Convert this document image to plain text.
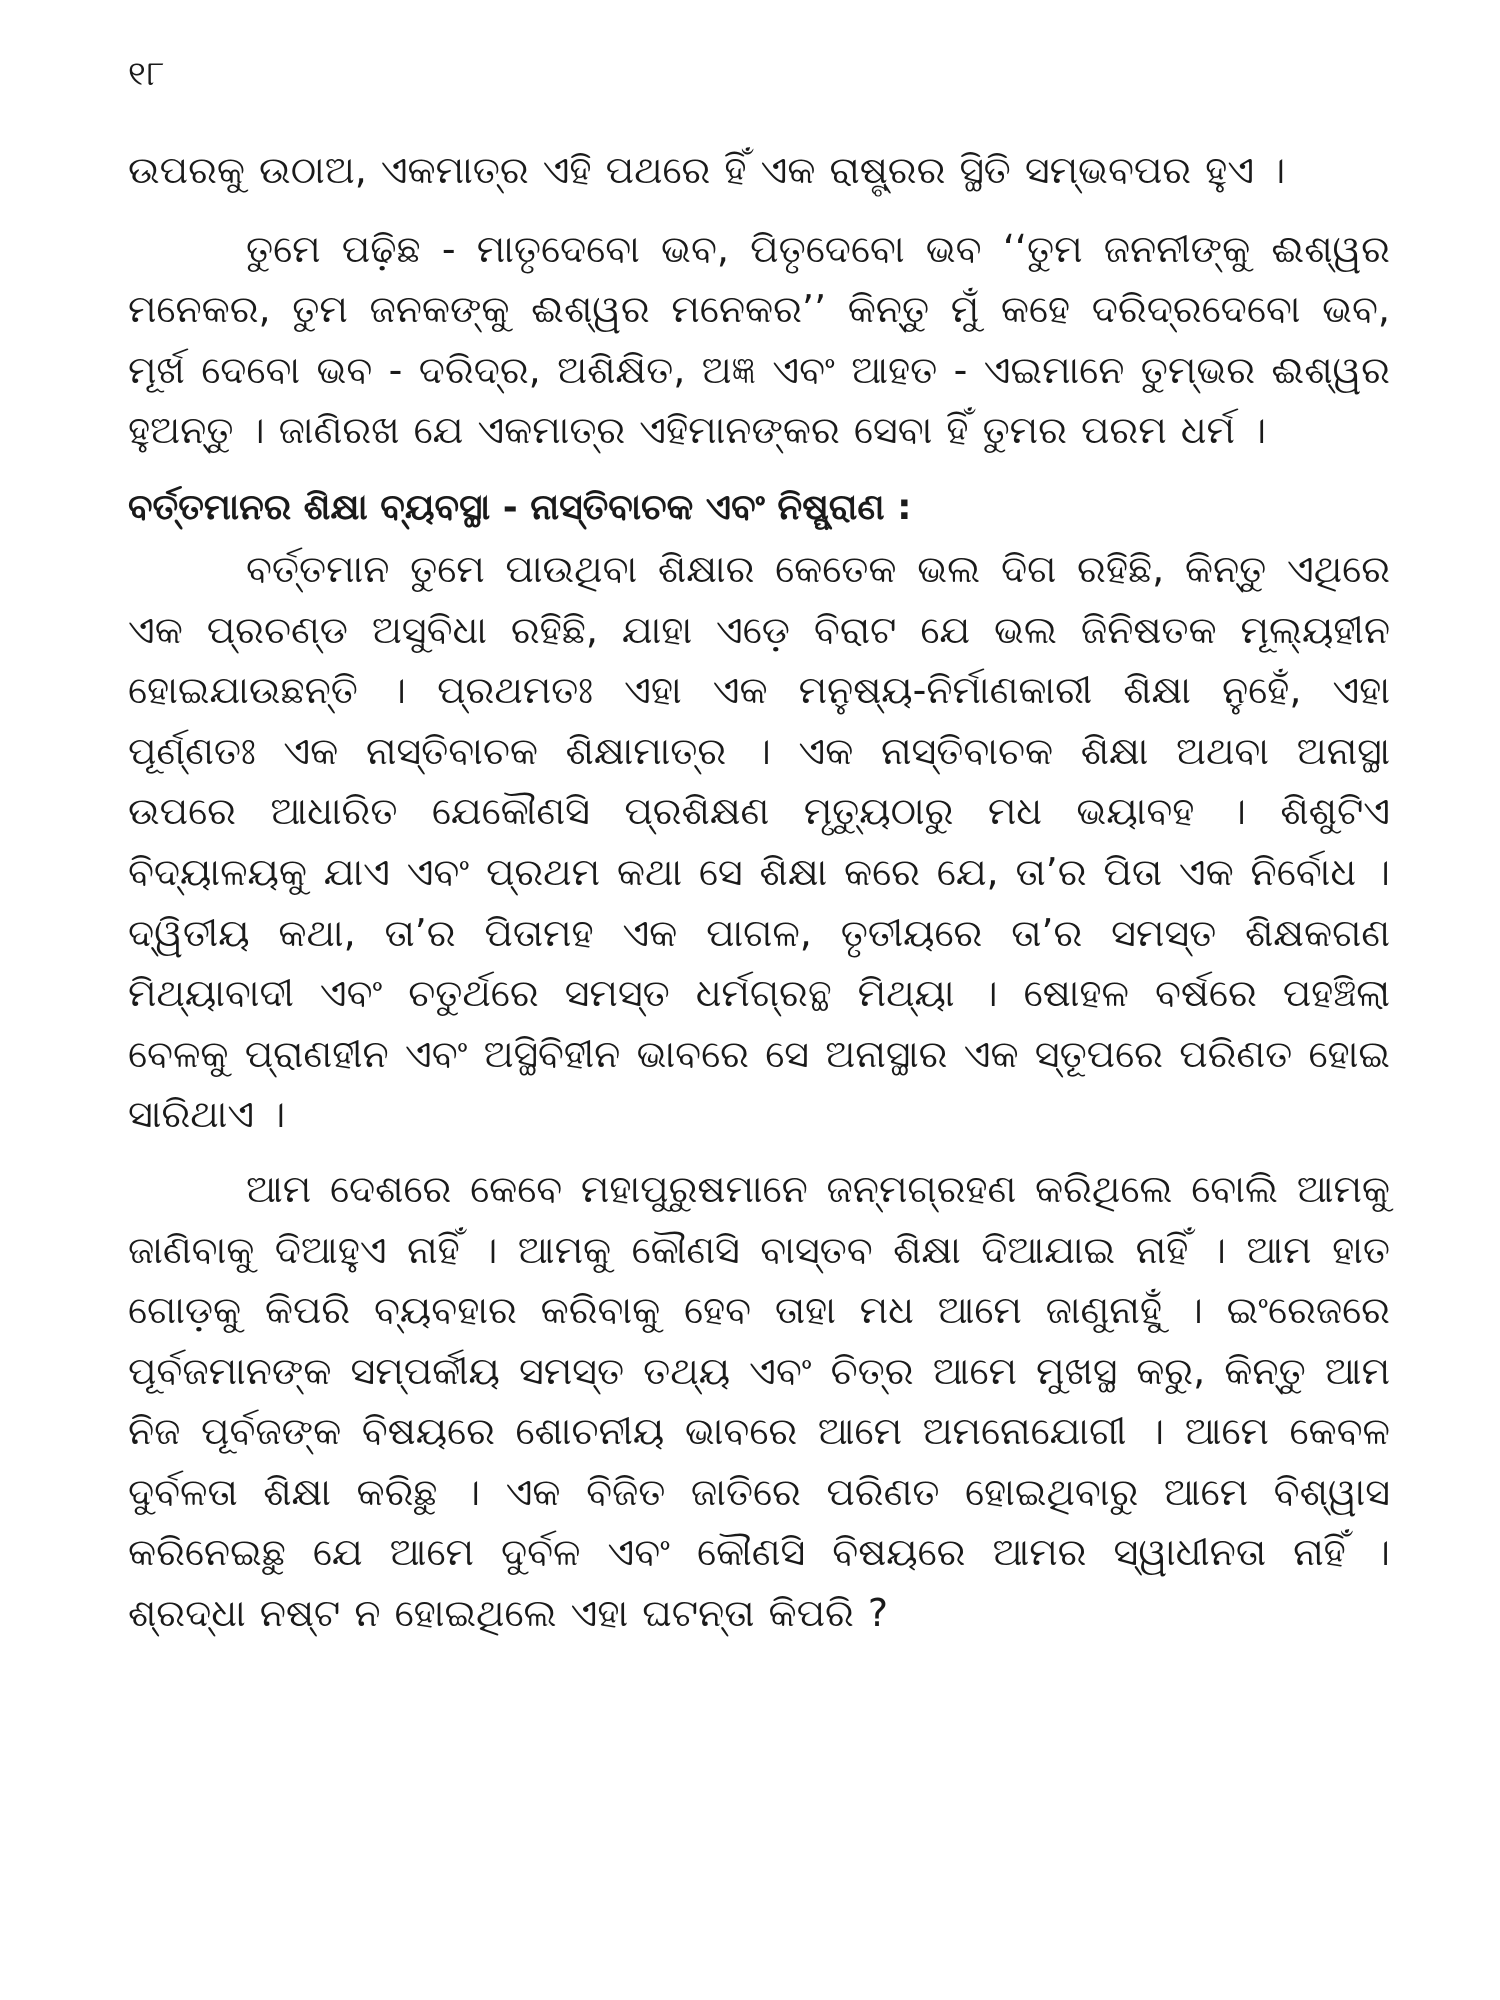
୧୮

ଉପରକୁ ଉଠାଅ, ଏକମାତ୍ର ଏହି ପଥରେ ହିଁ ଏକ ରାଷ୍ଟ୍ରର ସ୍ଥିତି ସମ୍ଭବପର ହୁଏ ।

ତୁମେ ପଢ଼ିଛ - ମାତୃଦେବୋ ଭବ, ପିତୃଦେବୋ ଭବ ‘‘ତୁମ ଜନନୀଙ୍କୁ ଈଶ୍ୱର ମନେକର, ତୁମ ଜନକଙ୍କୁ ଈଶ୍ୱର ମନେକର’’ କିନ୍ତୁ ମୁଁ କହେ ଦରିଦ୍ରଦେବୋ ଭବ, ମୂର୍ଖ ଦେବୋ ଭବ - ଦରିଦ୍ର, ଅଶିକ୍ଷିତ, ଅଜ୍ଞ ଏବଂ ଆହତ - ଏଇମାନେ ତୁମ୍ଭର ଈଶ୍ୱର ହୁଅନ୍ତୁ । ଜାଣିରଖ ଯେ ଏକମାତ୍ର ଏହିମାନଙ୍କର ସେବା ହିଁ ତୁମର ପରମ ଧର୍ମ ।

ବର୍ତ୍ତମାନର ଶିକ୍ଷା ବ୍ୟବସ୍ଥା - ନାସ୍ତିବାଚକ ଏବଂ ନିଷ୍ପ୍ରାଣ :

ବର୍ତ୍ତମାନ ତୁମେ ପାଉଥିବା ଶିକ୍ଷାର କେତେକ ଭଲ ଦିଗ ରହିଛି, କିନ୍ତୁ ଏଥିରେ ଏକ ପ୍ରଚଣ୍ଡ ଅସୁବିଧା ରହିଛି, ଯାହା ଏଡ଼େ ବିରାଟ ଯେ ଭଲ ଜିନିଷତକ ମୂଲ୍ୟହୀନ ହୋଇଯାଉଛନ୍ତି । ପ୍ରଥମତଃ ଏହା ଏକ ମନୁଷ୍ୟ-ନିର୍ମାଣକାରୀ ଶିକ୍ଷା ନୁହେଁ, ଏହା ପୂର୍ଣ୍ଣତଃ ଏକ ନାସ୍ତିବାଚକ ଶିକ୍ଷାମାତ୍ର । ଏକ ନାସ୍ତିବାଚକ ଶିକ୍ଷା ଅଥବା ଅନାସ୍ଥା ଉପରେ ଆଧାରିତ ଯେକୌଣସି ପ୍ରଶିକ୍ଷଣ ମୃତ୍ୟୁଠାରୁ ମଧ ଭୟାବହ । ଶିଶୁଟିଏ ବିଦ୍ୟାଳୟକୁ ଯାଏ ଏବଂ ପ୍ରଥମ କଥା ସେ ଶିକ୍ଷା କରେ ଯେ, ତା’ର ପିତା ଏକ ନିର୍ବୋଧ । ଦ୍ୱିତୀୟ କଥା, ତା’ର ପିତାମହ ଏକ ପାଗଳ, ତୃତୀୟରେ ତା’ର ସମସ୍ତ ଶିକ୍ଷକଗଣ ମିଥ୍ୟାବାଦୀ ଏବଂ ଚତୁର୍ଥରେ ସମସ୍ତ ଧର୍ମଗ୍ରନ୍ଥ ମିଥ୍ୟା । ଷୋହଳ ବର୍ଷରେ ପହଞ୍ଚିଲା ବେଳକୁ ପ୍ରାଣହୀନ ଏବଂ ଅସ୍ଥିବିହୀନ ଭାବରେ ସେ ଅନାସ୍ଥାର ଏକ ସ୍ତୂପରେ ପରିଣତ ହୋଇ ସାରିଥାଏ ।

ଆମ ଦେଶରେ କେବେ ମହାପୁରୁଷମାନେ ଜନ୍ମଗ୍ରହଣ କରିଥିଲେ ବୋଲି ଆମକୁ ଜାଣିବାକୁ ଦିଆହୁଏ ନାହିଁ । ଆମକୁ କୌଣସି ବାସ୍ତବ ଶିକ୍ଷା ଦିଆଯାଇ ନାହିଁ । ଆମ ହାତ ଗୋଡ଼କୁ କିପରି ବ୍ୟବହାର କରିବାକୁ ହେବ ତାହା ମଧ ଆମେ ଜାଣୁନାହୁଁ । ଇଂରେଜରେ ପୂର୍ବଜମାନଙ୍କ ସମ୍ପର୍କୀୟ ସମସ୍ତ ତଥ୍ୟ ଏବଂ ଚିତ୍ର ଆମେ ମୁଖସ୍ଥ କରୁ, କିନ୍ତୁ ଆମ ନିଜ ପୂର୍ବଜଙ୍କ ବିଷୟରେ ଶୋଚନୀୟ ଭାବରେ ଆମେ ଅମନୋଯୋଗୀ । ଆମେ କେବଳ ଦୁର୍ବଳତା ଶିକ୍ଷା କରିଛୁ । ଏକ ବିଜିତ ଜାତିରେ ପରିଣତ ହୋଇଥିବାରୁ ଆମେ ବିଶ୍ୱାସ କରିନେଇଛୁ ଯେ ଆମେ ଦୁର୍ବଳ ଏବଂ କୌଣସି ବିଷୟରେ ଆମର ସ୍ୱାଧୀନତା ନାହିଁ । ଶ୍ରଦ୍ଧା ନଷ୍ଟ ନ ହୋଇଥିଲେ ଏହା ଘଟନ୍ତା କିପରି ?
